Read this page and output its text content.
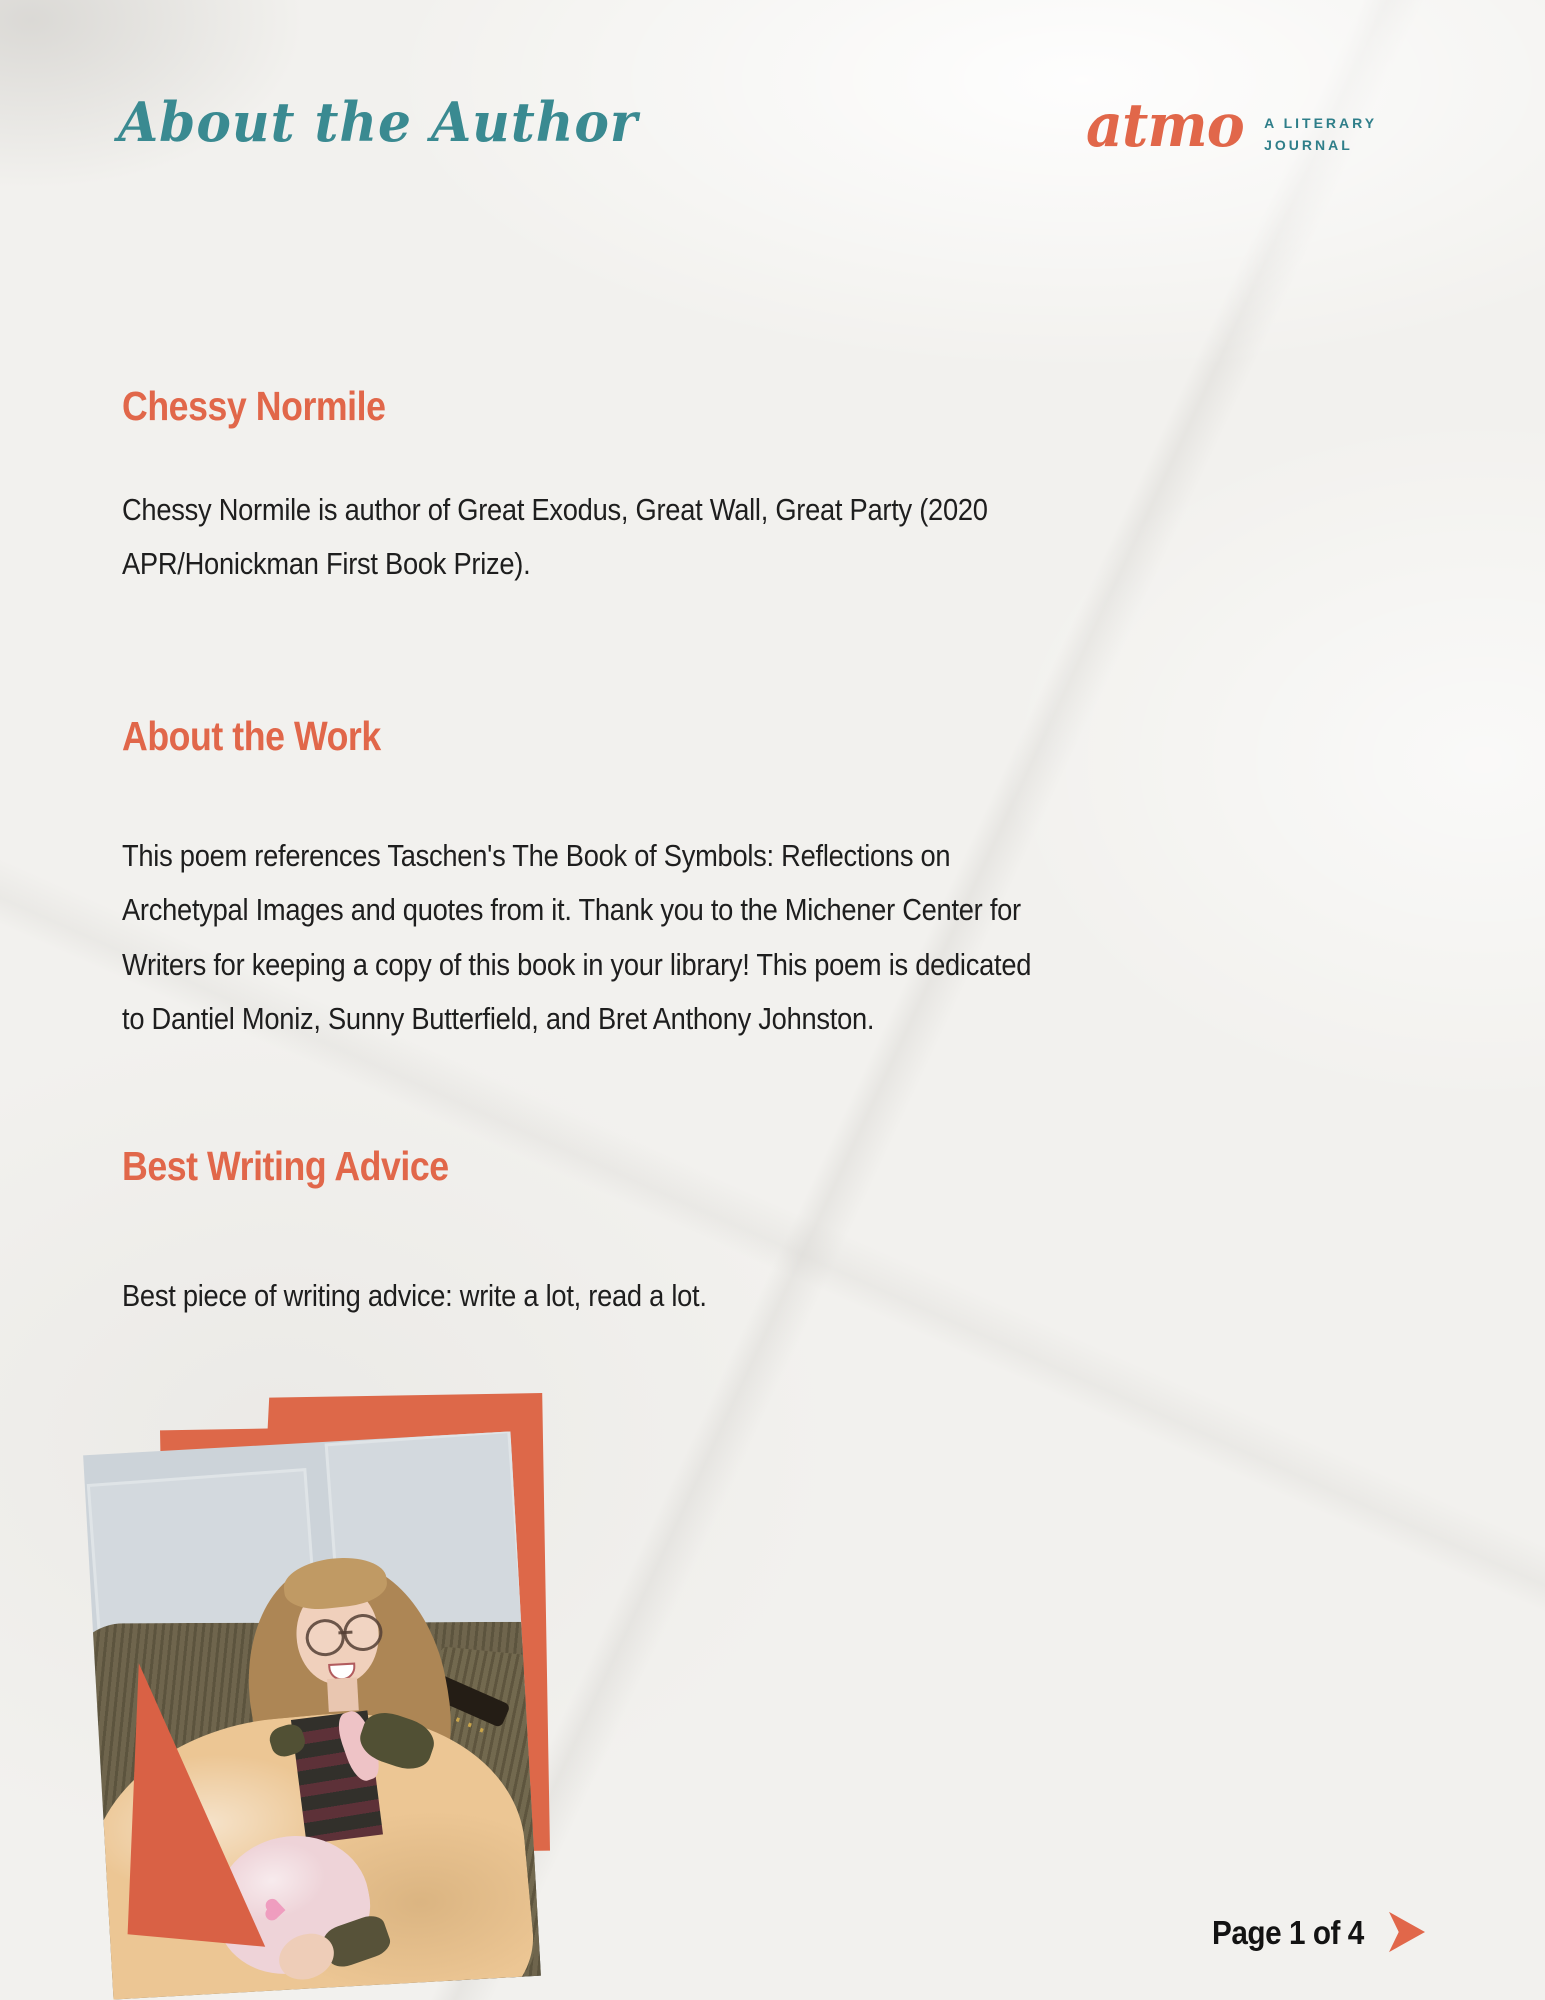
About the Author	atmo A LITERARY
JOURNAL
Chessy Normile
Chessy Normile is author of Great Exodus, Great Wall, Great Party (2020 APR/Honickman First Book Prize).
About the Work
This poem references Taschen's The Book of Symbols: Reflections on Archetypal Images and quotes from it. Thank you to the Michener Center for Writers for keeping a copy of this book in your library! This poem is dedicated to Dantiel Moniz, Sunny Butterfield, and Bret Anthony Johnston.
Best Writing Advice
Best piece of writing advice: write a lot, read a lot.
Page 1 of 4
